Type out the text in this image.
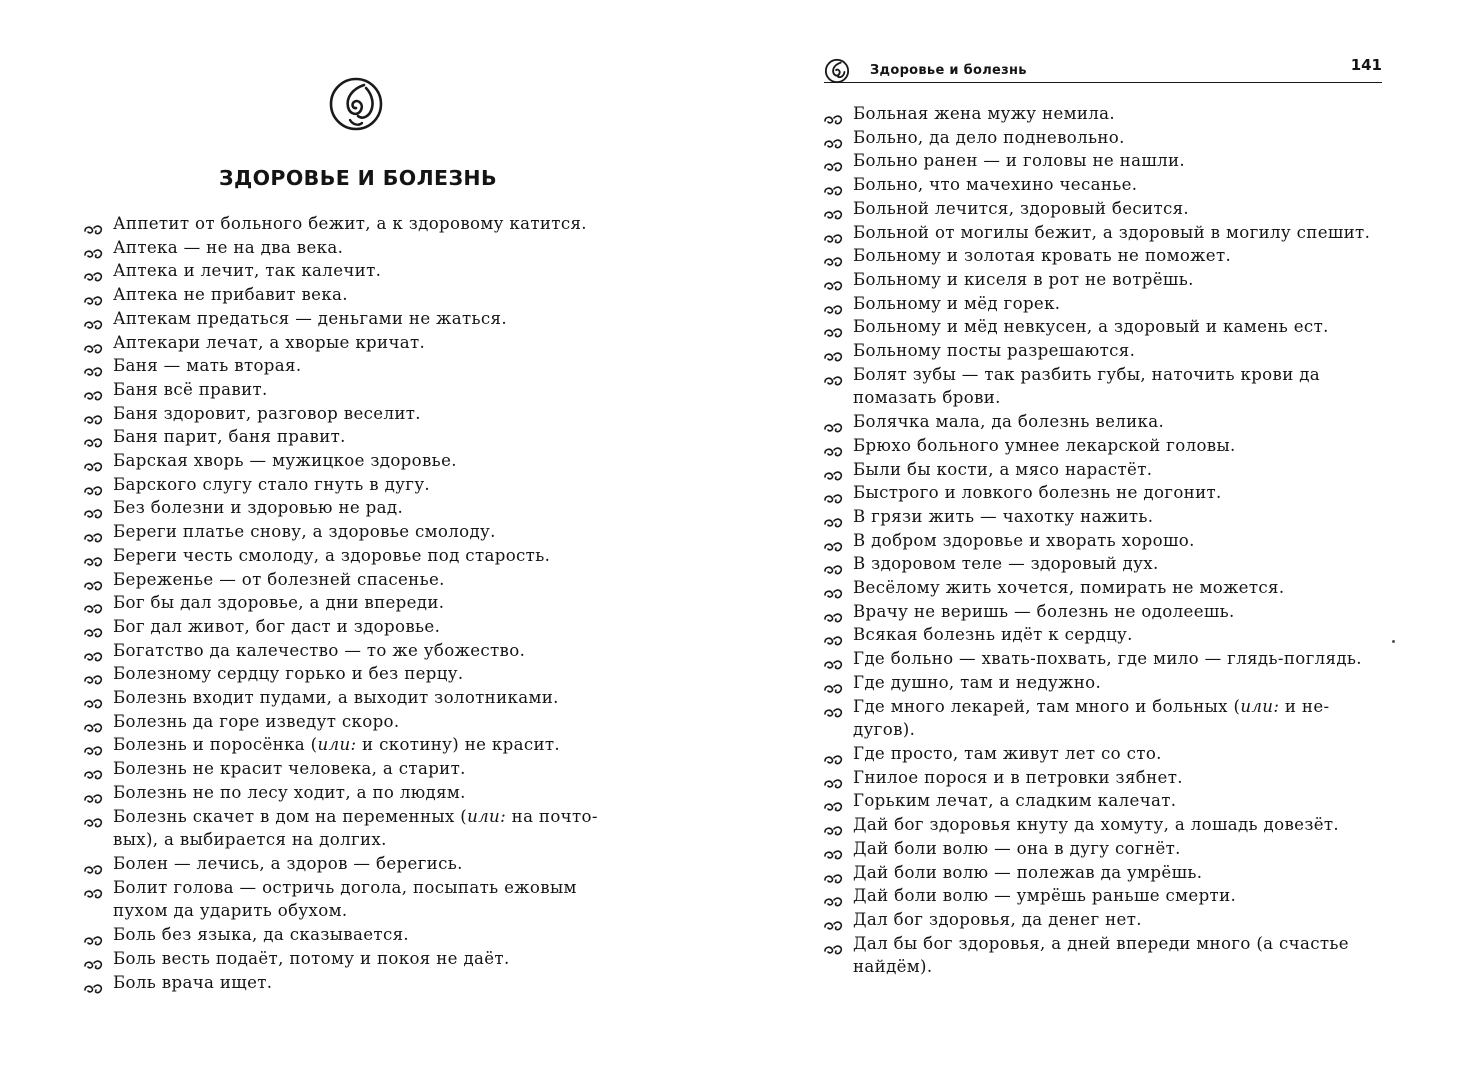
ЗДОРОВЬЕ И БОЛЕЗНЬ
Аппетит от больного бежит, а к здоровому катится.
Аптека — не на два века.
Аптека и лечит, так калечит.
Аптека не прибавит века.
Аптекам предаться — деньгами не жаться.
Аптекари лечат, а хворые кричат.
Баня — мать вторая.
Баня всё правит.
Баня здоровит, разговор веселит.
Баня парит, баня правит.
Барская хворь — мужицкое здоровье.
Барского слугу стало гнуть в дугу.
Без болезни и здоровью не рад.
Береги платье снову, а здоровье смолоду.
Береги честь смолоду, а здоровье под старость.
Береженье — от болезней спасенье.
Бог бы дал здоровье, а дни впереди.
Бог дал живот, бог даст и здоровье.
Богатство да калечество — то же убожество.
Болезному сердцу горько и без перцу.
Болезнь входит пудами, а выходит золотниками.
Болезнь да горе изведут скоро.
Болезнь и поросёнка (или: и скотину) не красит.
Болезнь не красит человека, а старит.
Болезнь не по лесу ходит, а по людям.
Болезнь скачет в дом на переменных (или: на почто-
вых), а выбирается на долгих.
Болен — лечись, а здоров — берегись.
Болит голова — остричь догола, посыпать ежовым
пухом да ударить обухом.
Боль без языка, да сказывается.
Боль весть подаёт, потому и покоя не даёт.
Боль врача ищет.
Здоровье и болезнь	141
Больная жена мужу немила.
Больно, да дело подневольно.
Больно ранен — и головы не нашли.
Больно, что мачехино чесанье.
Больной лечится, здоровый бесится.
Больной от могилы бежит, а здоровый в могилу спешит.
Больному и золотая кровать не поможет.
Больному и киселя в рот не вотрёшь.
Больному и мёд горек.
Больному и мёд невкусен, а здоровый и камень ест.
Больному посты разрешаются.
Болят зубы — так разбить губы, наточить крови да
помазать брови.
Болячка мала, да болезнь велика.
Брюхо больного умнее лекарской головы.
Были бы кости, а мясо нарастёт.
Быстрого и ловкого болезнь не догонит.
В грязи жить — чахотку нажить.
В добром здоровье и хворать хорошо.
В здоровом теле — здоровый дух.
Весёлому жить хочется, помирать не можется.
Врачу не веришь — болезнь не одолеешь.
Всякая болезнь идёт к сердцу.
Где больно — хвать-похвать, где мило — глядь-поглядь.
Где душно, там и недужно.
Где много лекарей, там много и больных (или: и не-
дугов).
Где просто, там живут лет со сто.
Гнилое порося и в петровки зябнет.
Горьким лечат, а сладким калечат.
Дай бог здоровья кнуту да хомуту, а лошадь довезёт.
Дай боли волю — она в дугу согнёт.
Дай боли волю — полежав да умрёшь.
Дай боли волю — умрёшь раньше смерти.
Дал бог здоровья, да денег нет.
Дал бы бог здоровья, а дней впереди много (а счастье
найдём).
